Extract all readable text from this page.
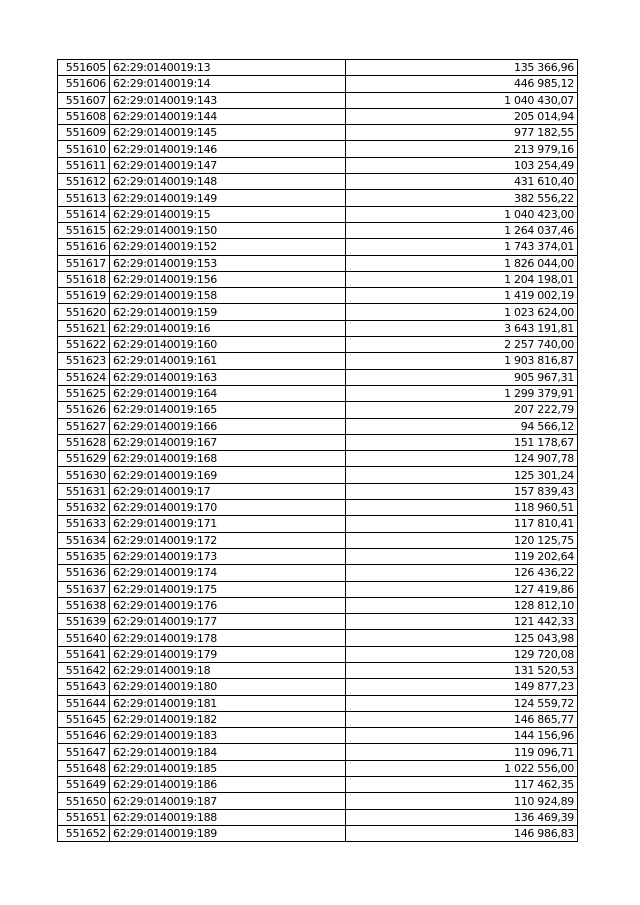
551605	62:29:0140019:13	135 366,96
551606	62:29:0140019:14	446 985,12
551607	62:29:0140019:143	1 040 430,07
551608	62:29:0140019:144	205 014,94
551609	62:29:0140019:145	977 182,55
551610	62:29:0140019:146	213 979,16
551611	62:29:0140019:147	103 254,49
551612	62:29:0140019:148	431 610,40
551613	62:29:0140019:149	382 556,22
551614	62:29:0140019:15	1 040 423,00
551615	62:29:0140019:150	1 264 037,46
551616	62:29:0140019:152	1 743 374,01
551617	62:29:0140019:153	1 826 044,00
551618	62:29:0140019:156	1 204 198,01
551619	62:29:0140019:158	1 419 002,19
551620	62:29:0140019:159	1 023 624,00
551621	62:29:0140019:16	3 643 191,81
551622	62:29:0140019:160	2 257 740,00
551623	62:29:0140019:161	1 903 816,87
551624	62:29:0140019:163	905 967,31
551625	62:29:0140019:164	1 299 379,91
551626	62:29:0140019:165	207 222,79
551627	62:29:0140019:166	94 566,12
551628	62:29:0140019:167	151 178,67
551629	62:29:0140019:168	124 907,78
551630	62:29:0140019:169	125 301,24
551631	62:29:0140019:17	157 839,43
551632	62:29:0140019:170	118 960,51
551633	62:29:0140019:171	117 810,41
551634	62:29:0140019:172	120 125,75
551635	62:29:0140019:173	119 202,64
551636	62:29:0140019:174	126 436,22
551637	62:29:0140019:175	127 419,86
551638	62:29:0140019:176	128 812,10
551639	62:29:0140019:177	121 442,33
551640	62:29:0140019:178	125 043,98
551641	62:29:0140019:179	129 720,08
551642	62:29:0140019:18	131 520,53
551643	62:29:0140019:180	149 877,23
551644	62:29:0140019:181	124 559,72
551645	62:29:0140019:182	146 865,77
551646	62:29:0140019:183	144 156,96
551647	62:29:0140019:184	119 096,71
551648	62:29:0140019:185	1 022 556,00
551649	62:29:0140019:186	117 462,35
551650	62:29:0140019:187	110 924,89
551651	62:29:0140019:188	136 469,39
551652	62:29:0140019:189	146 986,83
